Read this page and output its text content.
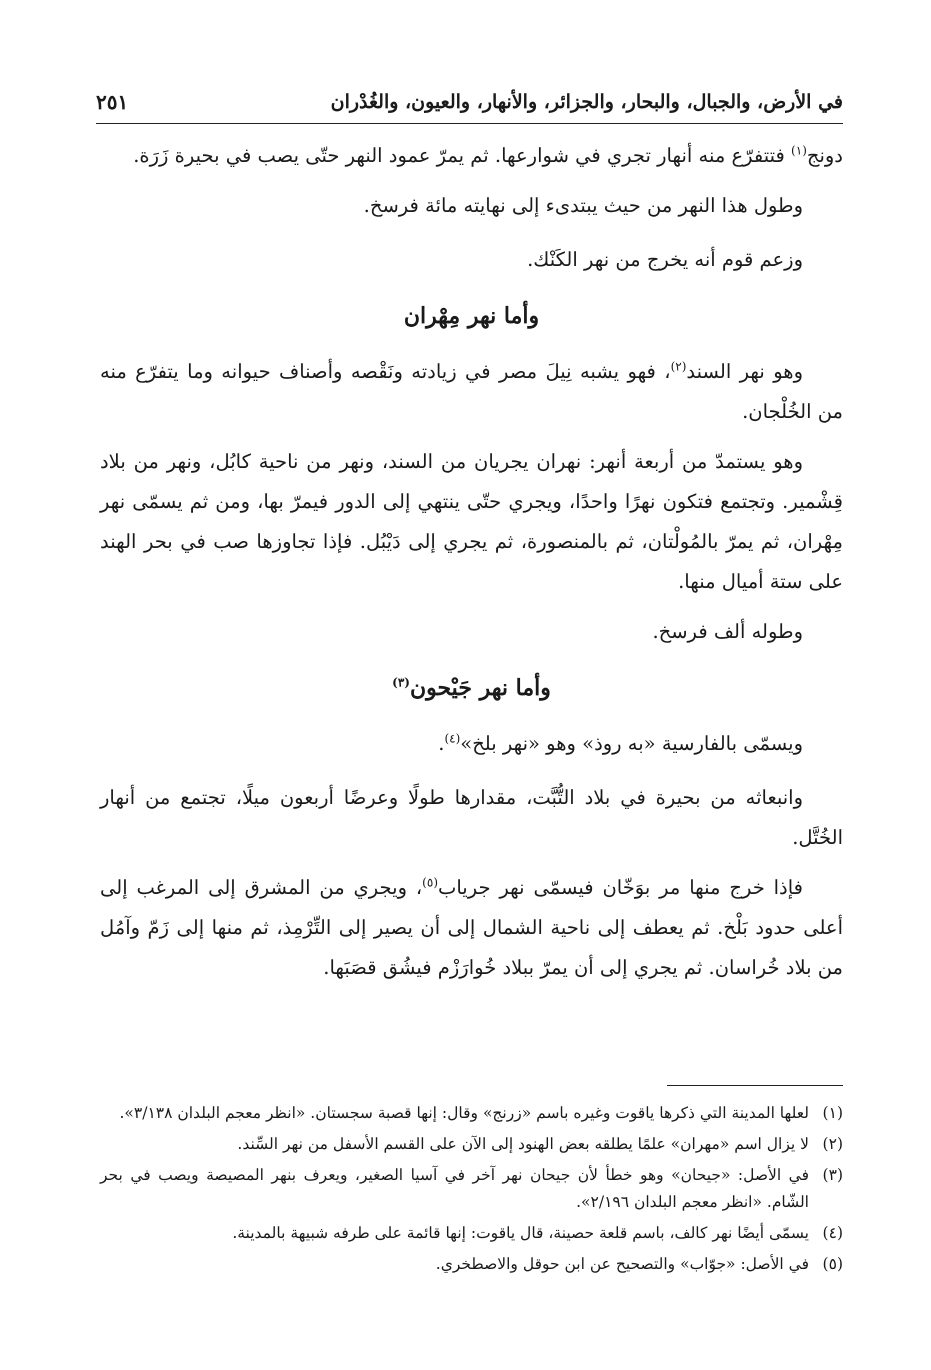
في الأرض، والجبال، والبحار، والجزائر، والأنهار، والعيون، والغُدْران
٢٥١

دونج$^{(١)}$ فتتفرّع منه أنهار تجري في شوارعها. ثم يمرّ عمود النهر حتّى يصب في بحيرة زَرَة.

وطول هذا النهر من حيث يبتدىء إلى نهايته مائة فرسخ.

وزعم قوم أنه يخرج من نهر الكَنْك.

وأما نهر مِهْران

وهو نهر السند$^{(٢)}$، فهو يشبه نِيلَ مصر في زيادته ونَقْصه وأصناف حيوانه وما يتفرّع منه من الخُلْجان.

وهو يستمدّ من أربعة أنهر: نهران يجريان من السند، ونهر من ناحية كابُل، ونهر من بلاد قِشْمير. وتجتمع فتكون نهرًا واحدًا، ويجري حتّى ينتهي إلى الدور فيمرّ بها، ومن ثم يسمّى نهر مِهْران، ثم يمرّ بالمُولْتان، ثم بالمنصورة، ثم يجري إلى دَيْبُل. فإذا تجاوزها صب في بحر الهند على ستة أميال منها.

وطوله ألف فرسخ.

وأما نهر جَيْحون$^{(٣)}$

ويسمّى بالفارسية «به روذ» وهو «نهر بلخ»$^{(٤)}$.

وانبعاثه من بحيرة في بلاد التُّبَّت، مقدارها طولًا وعرضًا أربعون ميلًا، تجتمع من أنهار الخُتَّل.

فإذا خرج منها مر بوَخّان فيسمّى نهر جرياب$^{(٥)}$، ويجري من المشرق إلى المرغب إلى أعلى حدود بَلْخ. ثم يعطف إلى ناحية الشمال إلى أن يصير إلى التِّرْمِذ، ثم منها إلى زَمّ وآمُل من بلاد خُراسان. ثم يجري إلى أن يمرّ ببلاد خُوارَزْم فيشُق قصَبَها.

(١)
لعلها المدينة التي ذكرها ياقوت وغيره باسم «زرنج» وقال: إنها قصبة سجستان. «انظر معجم البلدان ٣/١٣٨».
(٢)
لا يزال اسم «مهران» علمًا يطلقه بعض الهنود إلى الآن على القسم الأسفل من نهر السِّند.
(٣)
في الأصل: «جيحان» وهو خطأ لأن جيحان نهر آخر في آسيا الصغير، ويعرف بنهر المصيصة ويصب في بحر الشّام. «انظر معجم البلدان ٢/١٩٦».
(٤)
يسمّى أيضًا نهر كالف، باسم قلعة حصينة، قال ياقوت: إنها قائمة على طرفه شبيهة بالمدينة.
(٥)
في الأصل: «جوّاب» والتصحيح عن ابن حوقل والاصطخري.
